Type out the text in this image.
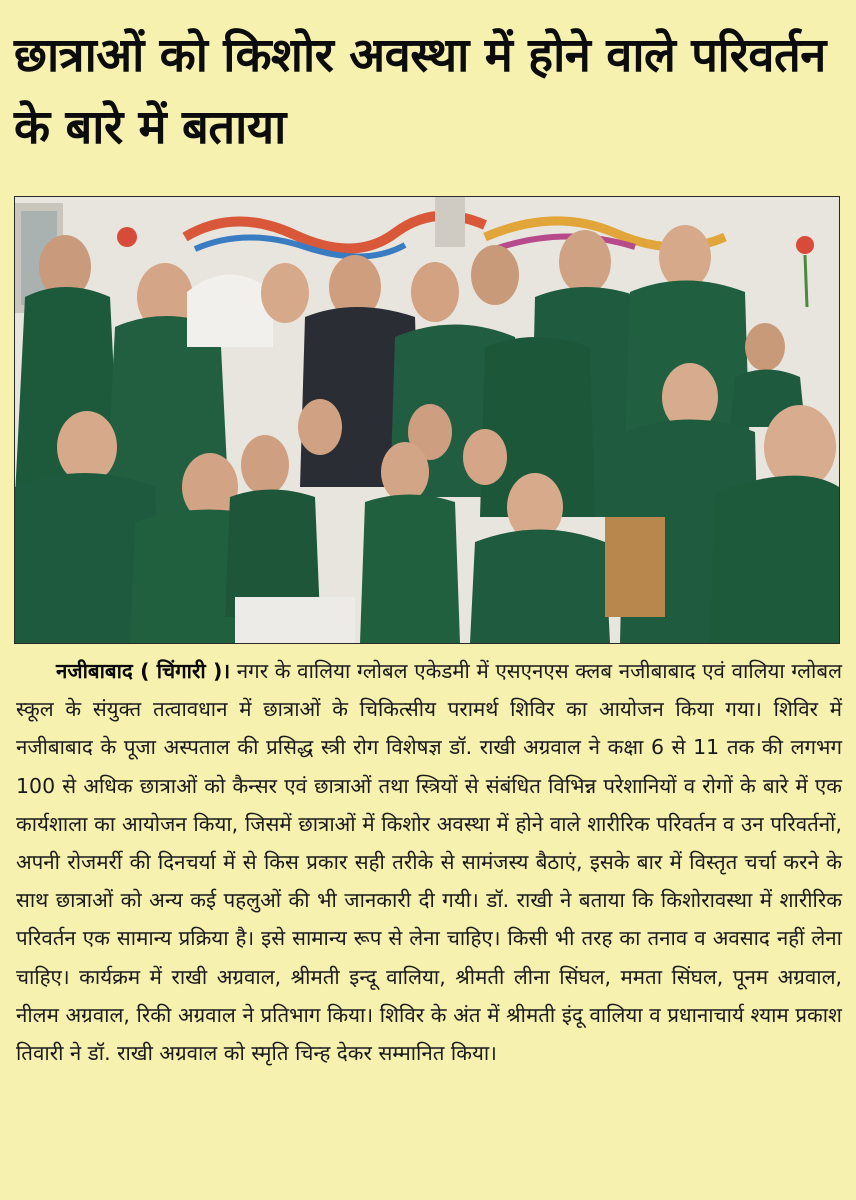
छात्राओं को किशोर अवस्था में होने वाले परिवर्तन के बारे में बताया

नजीबाबाद ( चिंगारी )। नगर के वालिया ग्लोबल एकेडमी में एसएनएस क्लब नजीबाबाद एवं वालिया ग्लोबल स्कूल के संयुक्त तत्वावधान में छात्राओं के चिकित्सीय परामर्थ शिविर का आयोजन किया गया। शिविर में नजीबाबाद के पूजा अस्पताल की प्रसिद्ध स्त्री रोग विशेषज्ञ डॉ. राखी अग्रवाल ने कक्षा 6 से 11 तक की लगभग 100 से अधिक छात्राओं को कैन्सर एवं छात्राओं तथा स्त्रियों से संबंधित विभिन्न परेशानियों व रोगों के बारे में एक कार्यशाला का आयोजन किया, जिसमें छात्राओं में किशोर अवस्था में होने वाले शारीरिक परिवर्तन व उन परिवर्तनों, अपनी रोजमर्री की दिनचर्या में से किस प्रकार सही तरीके से सामंजस्य बैठाएं, इसके बार में विस्तृत चर्चा करने के साथ छात्राओं को अन्य कई पहलुओं की भी जानकारी दी गयी। डॉ. राखी ने बताया कि किशोरावस्था में शारीरिक परिवर्तन एक सामान्य प्रक्रिया है। इसे सामान्य रूप से लेना चाहिए। किसी भी तरह का तनाव व अवसाद नहीं लेना चाहिए। कार्यक्रम में राखी अग्रवाल, श्रीमती इन्दू वालिया, श्रीमती लीना सिंघल, ममता सिंघल, पूनम अग्रवाल, नीलम अग्रवाल, रिकी अग्रवाल ने प्रतिभाग किया। शिविर के अंत में श्रीमती इंदू वालिया व प्रधानाचार्य श्याम प्रकाश तिवारी ने डॉ. राखी अग्रवाल को स्मृति चिन्ह देकर सम्मानित किया।
